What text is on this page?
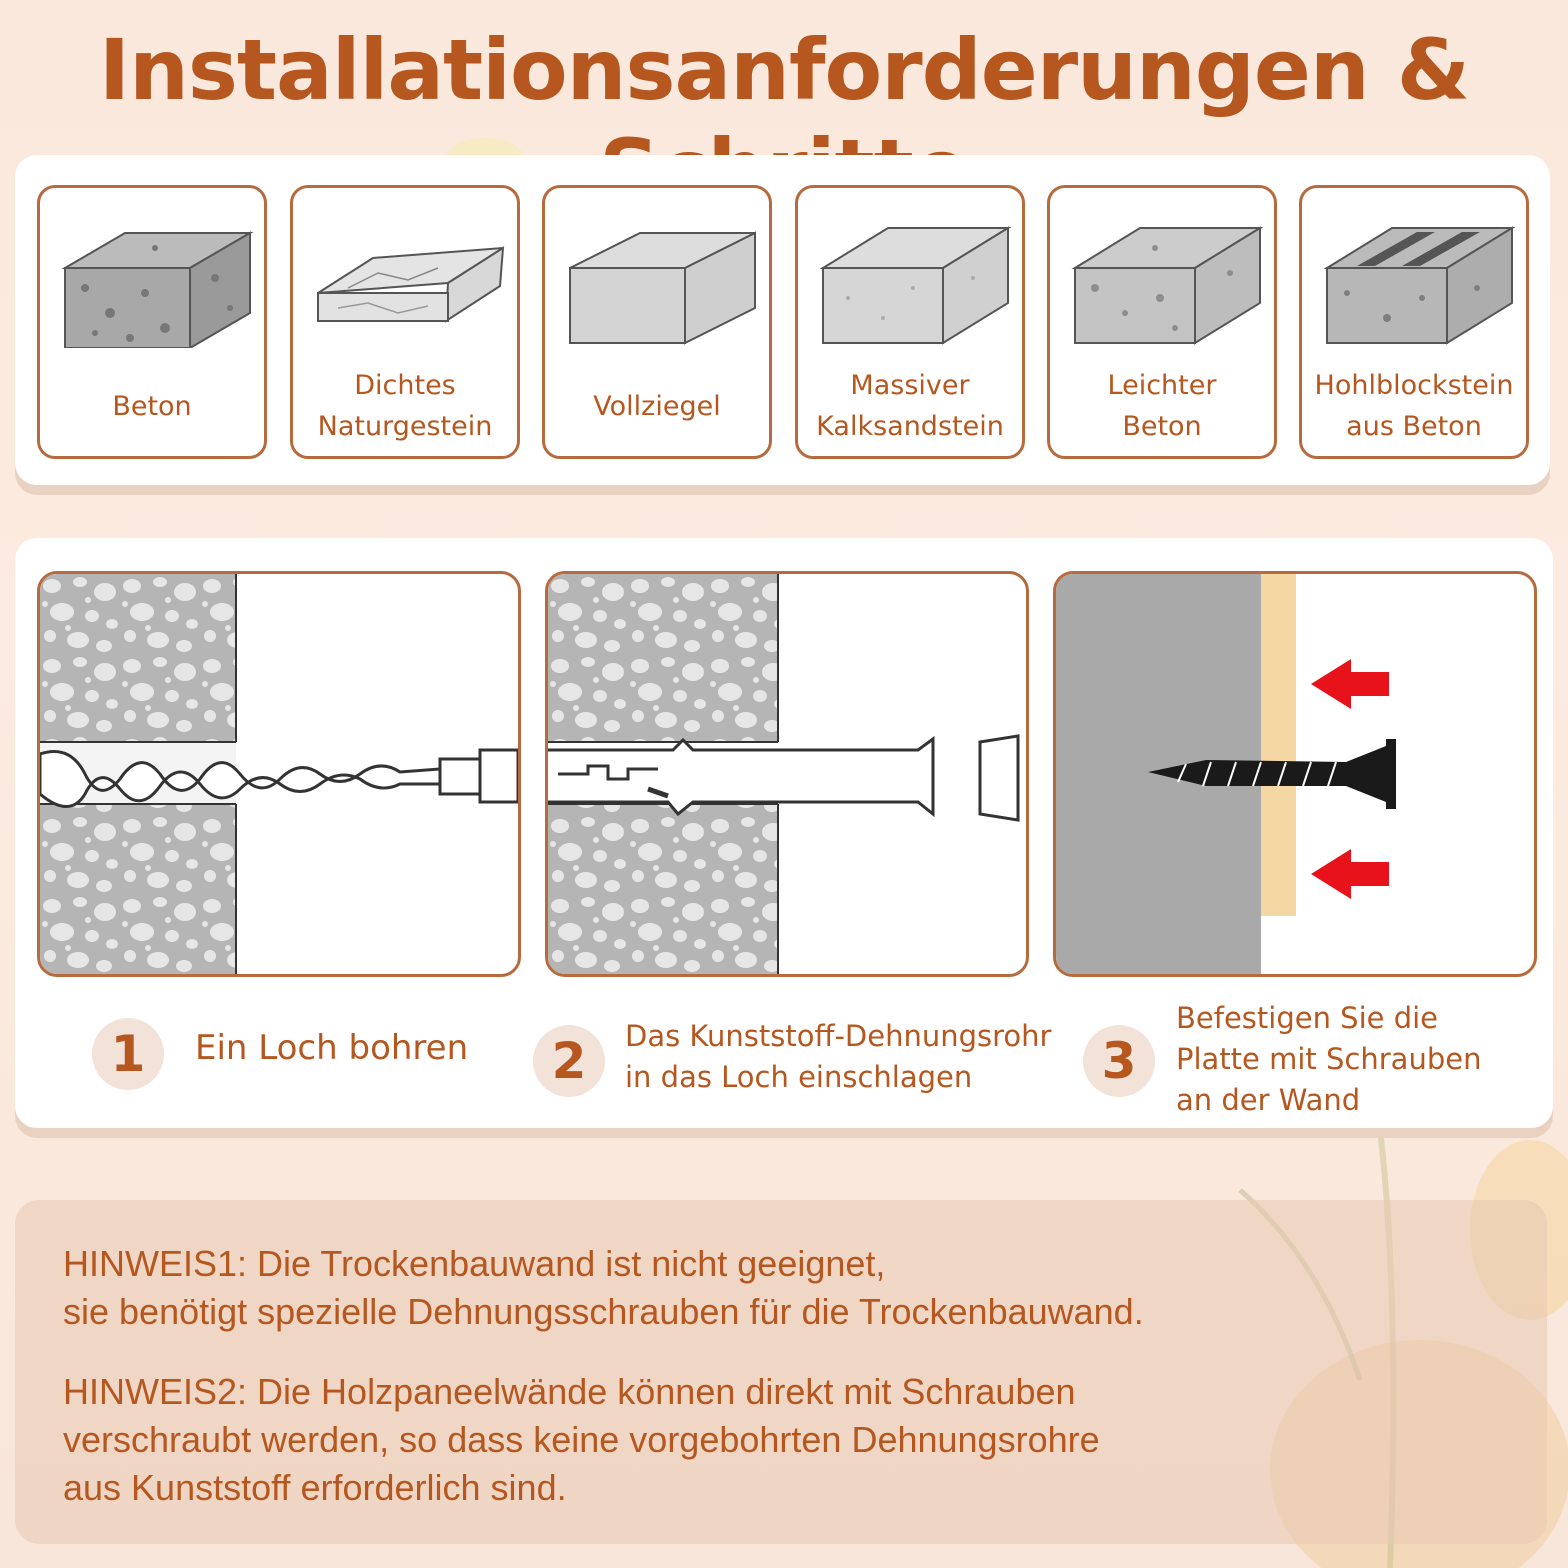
Installationsanforderungen &
Beton
Dichtes
Naturgestein
Vollziegel
Massiver
Kalksandstein
Leichter
Beton
Hohlblockstein
aus Beton
1	Ein Loch bohren	2	Das Kunststoff-Dehnungsrohr
in das Loch einschlagen	3
Befestigen Sie die
Platte mit Schrauben
an der Wand
HINWEIS1: Die Trockenbauwand ist nicht geeignet,
sie benötigt spezielle Dehnungsschrauben für die Trockenbauwand.
HINWEIS2: Die Holzpaneelwände können direkt mit Schrauben
verschraubt werden, so dass keine vorgebohrten Dehnungsrohre
aus Kunststoff erforderlich sind.
